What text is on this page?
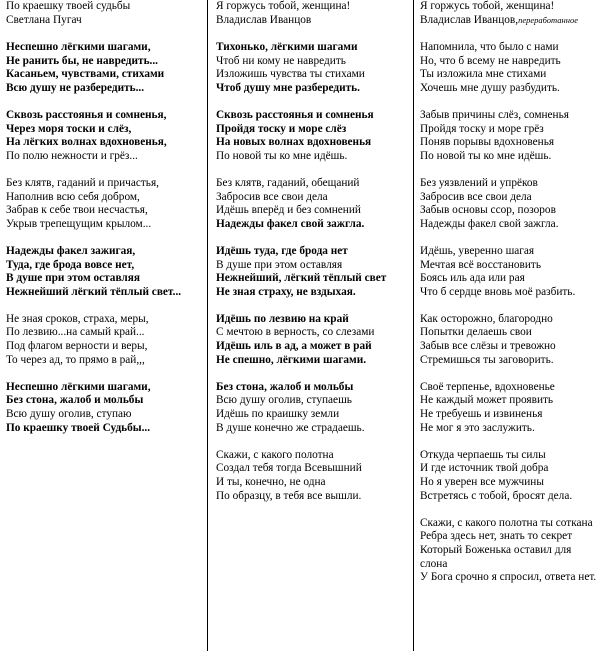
По краешку твоей судьбы
Светлана Пугач
Неспешно лёгкими шагами,
Не ранить бы, не навредить...
Касаньем, чувствами, стихами
Всю душу не разбередить...
Сквозь расстоянья и сомненья,
Через моря тоски и слёз,
На лёгких волнах вдохновенья,
По полю нежности и грёз...
Без клятв, гаданий и причастья,
Наполнив всю себя добром,
Забрав к себе твои несчастья,
Укрыв трепещущим крылом...
Надежды факел зажигая,
Туда, где брода вовсе нет,
В душе при этом оставляя
Нежнейший лёгкий тёплый свет...
Не зная сроков, страха, меры,
По лезвию...на самый край...
Под флагом верности и веры,
То через ад, то прямо в рай,,,
Неспешно лёгкими шагами,
Без стона, жалоб и мольбы
Всю душу оголив, ступаю
По краешку твоей Судьбы...
Я горжусь тобой, женщина!
Владислав Иванцов
Тихонько, лёгкими шагами
Чтоб ни кому не навредить
Изложишь чувства ты стихами
Чтоб душу мне разбередить.
Сквозь расстоянья и сомненья
Пройдя тоску и море слёз
На новых волнах вдохновенья
По новой ты ко мне идёшь.
Без клятв, гаданий, обещаний
Забросив все свои дела
Идёшь вперёд и без сомнений
Надежды факел свой зажгла.
Идёшь туда, где брода нет
В душе при этом оставляя
Нежнейший, лёгкий тёплый свет
Не зная страху, не вздыхая.
Идёшь по лезвию на край
С мечтою в верность, со слезами
Идёшь иль в ад, а может в рай
Не спешно, лёгкими шагами.
Без стона, жалоб и мольбы
Всю душу оголив, ступаешь
Идёшь по краишку земли
В душе конечно же страдаешь.
Скажи, с какого полотна
Создал тебя тогда Всевышний
И ты, конечно, не одна
По образцу, в тебя все вышли.
Я горжусь тобой, женщина!
Владислав Иванцов,переработанное
Напомнила, что было с нами
Но, что б всему не навредить
Ты изложила мне стихами
Хочешь мне душу разбудить.
Забыв причины слёз, сомненья
Пройдя тоску и море грёз
Поняв порывы вдохновенья
По новой ты ко мне идёшь.
Без уязвлений и упрёков
Забросив все свои дела
Забыв основы ссор, позоров
Надежды факел свой зажгла.
Идёшь, уверенно шагая
Мечтая всё восстановить
Боясь иль ада или рая
Что б сердце вновь моё разбить.
Как осторожно, благородно
Попытки делаешь свои
Забыв все слёзы и тревожно
Стремишься ты заговорить.
Своё терпенье, вдохновенье
Не каждый может проявить
Не требуешь и извиненья
Не мог я это заслужить.
Откуда черпаешь ты силы
И где источник твой добра
Но я уверен все мужчины
Встретясь с тобой, бросят дела.
Скажи, с какого полотна ты соткана
Ребра здесь нет, знать то секрет
Который Боженька оставил для слона
У Бога срочно я спросил, ответа нет.
